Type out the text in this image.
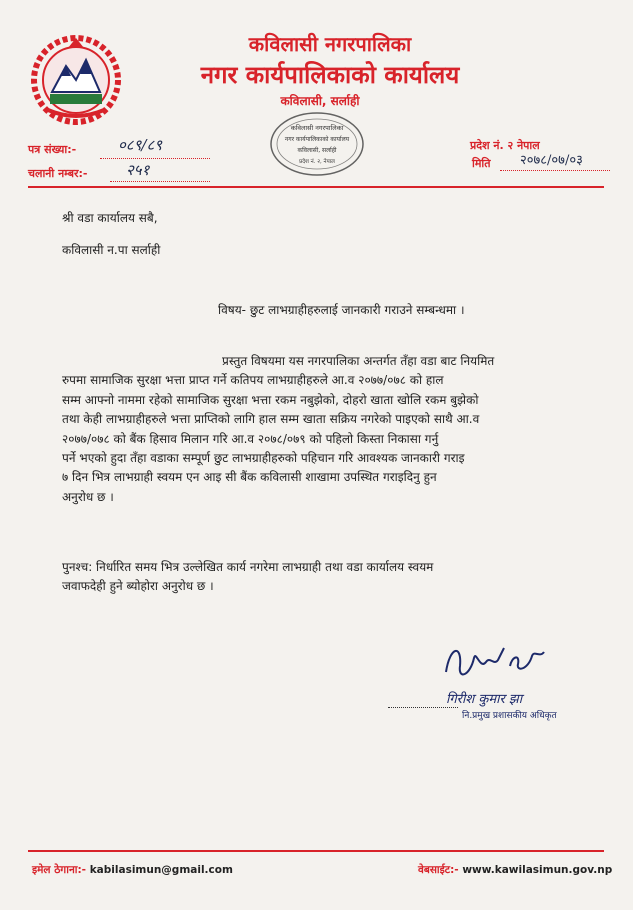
कविलासी नगरपालिका
नगर कार्यपालिकाको कार्यालय
कविलासी, सर्लाही
कविलासी नगरपालिका
नगर कार्यपालिकाको कार्यालय
कविलासी, सर्लाही
प्रदेश नं. २, नेपाल
पत्र संख्या:-	०८९/८९
चलानी नम्बर:-	२५१
प्रदेश नं. २ नेपाल
मिति २०७८/०७/०३
श्री वडा कार्यालय सबै,
कविलासी न.पा सर्लाही
विषय- छुट लाभग्राहीहरुलाई जानकारी गराउने सम्बन्धमा ।
प्रस्तुत विषयमा यस नगरपालिका अन्तर्गत तँहा वडा बाट नियमित
रुपमा सामाजिक सुरक्षा भत्ता प्राप्त गर्ने कतिपय लाभग्राहीहरुले आ.व २०७७/०७८ को हाल
सम्म आफ्नो नाममा रहेको सामाजिक सुरक्षा भत्ता रकम नबुझेको, दोहरो खाता खोलि रकम बुझेको
तथा केही लाभग्राहीहरुले भत्ता प्राप्तिको लागि हाल सम्म खाता सक्रिय नगरेको पाइएको साथै आ.व
२०७७/०७८ को बैंक हिसाव मिलान गरि आ.व २०७८/०७९ को पहिलो किस्ता निकासा गर्नु
पर्ने भएको हुदा तँहा वडाका सम्पूर्ण छुट लाभग्राहीहरुको पहिचान गरि आवश्यक जानकारी गराइ
७ दिन भित्र लाभग्राही स्वयम एन आइ सी बैंक कविलासी शाखामा उपस्थित गराइदिनु हुन
अनुरोध छ ।
पुनश्च: निर्धारित समय भित्र उल्लेखित कार्य नगरेमा लाभग्राही तथा वडा कार्यालय स्वयम
जवाफदेही हुने ब्योहोरा अनुरोध छ ।
गिरीश कुमार झा
नि.प्रमुख प्रशासकीय अधिकृत
इमेल ठेगाना:- kabilasimun@gmail.com	वेबसाईट:- www.kawilasimun.gov.np
